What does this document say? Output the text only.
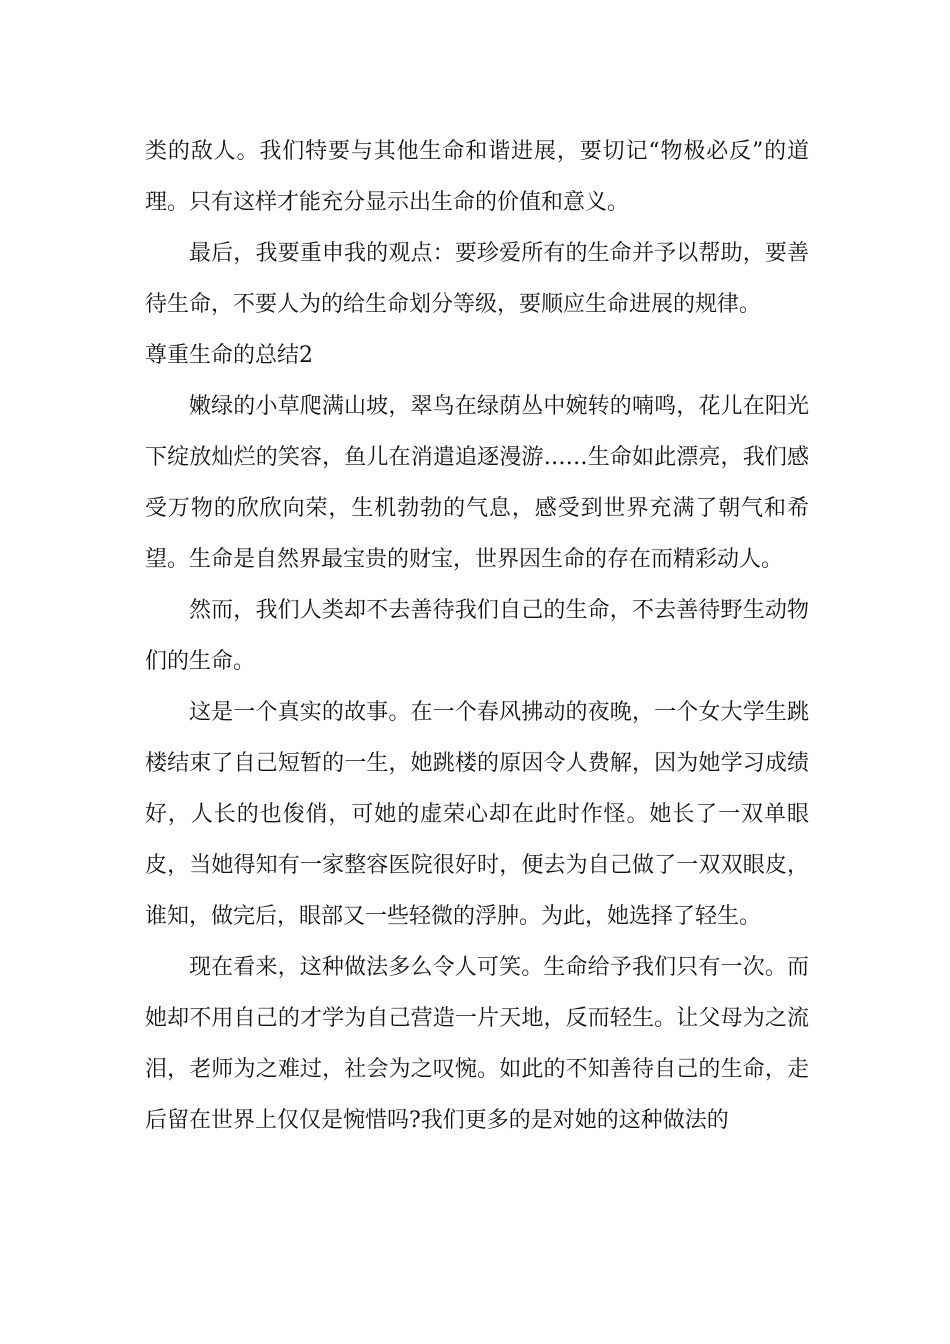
类的敌人。我们特要与其他生命和谐进展，要切记“物极必反”的道理。只有这样才能充分显示出生命的价值和意义。

最后，我要重申我的观点：要珍爱所有的生命并予以帮助，要善待生命，不要人为的给生命划分等级，要顺应生命进展的规律。

尊重生命的总结2

嫩绿的小草爬满山坡，翠鸟在绿荫丛中婉转的喃鸣，花儿在阳光下绽放灿烂的笑容，鱼儿在消遣追逐漫游……生命如此漂亮，我们感受万物的欣欣向荣，生机勃勃的气息，感受到世界充满了朝气和希望。生命是自然界最宝贵的财宝，世界因生命的存在而精彩动人。

然而，我们人类却不去善待我们自己的生命，不去善待野生动物们的生命。

这是一个真实的故事。在一个春风拂动的夜晚，一个女大学生跳楼结束了自己短暂的一生，她跳楼的原因令人费解，因为她学习成绩好，人长的也俊俏，可她的虚荣心却在此时作怪。她长了一双单眼皮，当她得知有一家整容医院很好时，便去为自己做了一双双眼皮，谁知，做完后，眼部又一些轻微的浮肿。为此，她选择了轻生。

现在看来，这种做法多么令人可笑。生命给予我们只有一次。而她却不用自己的才学为自己营造一片天地，反而轻生。让父母为之流泪，老师为之难过，社会为之叹惋。如此的不知善待自己的生命，走后留在世界上仅仅是惋惜吗?我们更多的是对她的这种做法的
